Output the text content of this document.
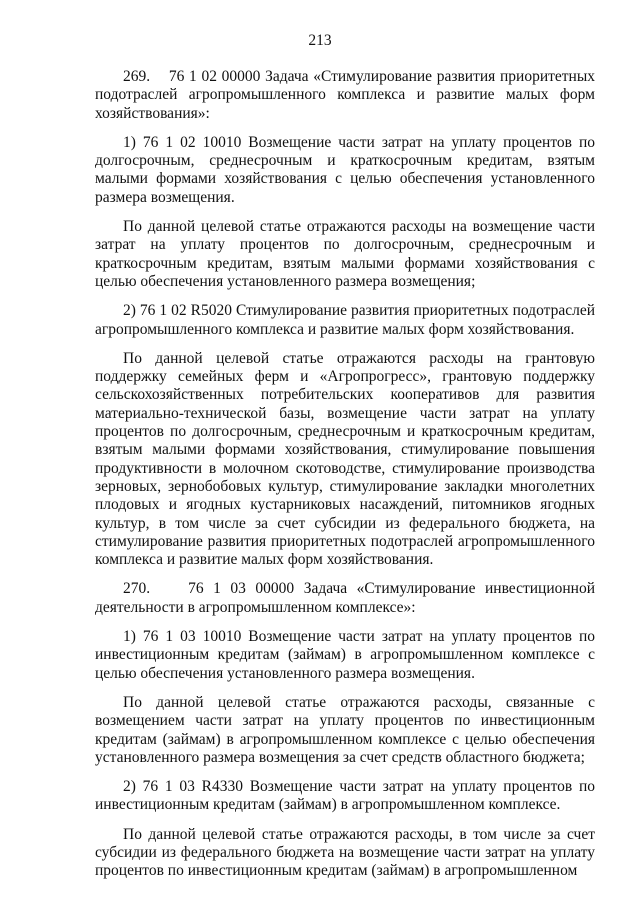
213

269.    76 1 02 00000 Задача «Стимулирование развития приоритетных подотраслей агропромышленного комплекса и развитие малых форм хозяйствования»:

1) 76 1 02 10010 Возмещение части затрат на уплату процентов по долгосрочным, среднесрочным и краткосрочным кредитам, взятым малыми формами хозяйствования с целью обеспечения установленного размера возмещения.

По данной целевой статье отражаются расходы на возмещение части затрат на уплату процентов по долгосрочным, среднесрочным и краткосрочным кредитам, взятым малыми формами хозяйствования с целью обеспечения установленного размера возмещения;

2) 76 1 02 R5020 Стимулирование развития приоритетных подотраслей агропромышленного комплекса и развитие малых форм хозяйствования.

По данной целевой статье отражаются расходы на грантовую поддержку семейных ферм и «Агропрогресс», грантовую поддержку сельскохозяйственных потребительских кооперативов для развития материально-технической базы, возмещение части затрат на уплату процентов по долгосрочным, среднесрочным и краткосрочным кредитам, взятым малыми формами хозяйствования, стимулирование повышения продуктивности в молочном скотоводстве, стимулирование производства зерновых, зернобобовых культур, стимулирование закладки многолетних плодовых и ягодных кустарниковых насаждений, питомников ягодных культур, в том числе за счет субсидии из федерального бюджета, на стимулирование развития приоритетных подотраслей агропромышленного комплекса и развитие малых форм хозяйствования.

270.    76 1 03 00000 Задача «Стимулирование инвестиционной деятельности в агропромышленном комплексе»:

1) 76 1 03 10010 Возмещение части затрат на уплату процентов по инвестиционным кредитам (займам) в агропромышленном комплексе с целью обеспечения установленного размера возмещения.

По данной целевой статье отражаются расходы, связанные с возмещением части затрат на уплату процентов по инвестиционным кредитам (займам) в агропромышленном комплексе с целью обеспечения установленного размера возмещения за счет средств областного бюджета;

2) 76 1 03 R4330 Возмещение части затрат на уплату процентов по инвестиционным кредитам (займам) в агропромышленном комплексе.

По данной целевой статье отражаются расходы, в том числе за счет субсидии из федерального бюджета на возмещение части затрат на уплату процентов по инвестиционным кредитам (займам) в агропромышленном
